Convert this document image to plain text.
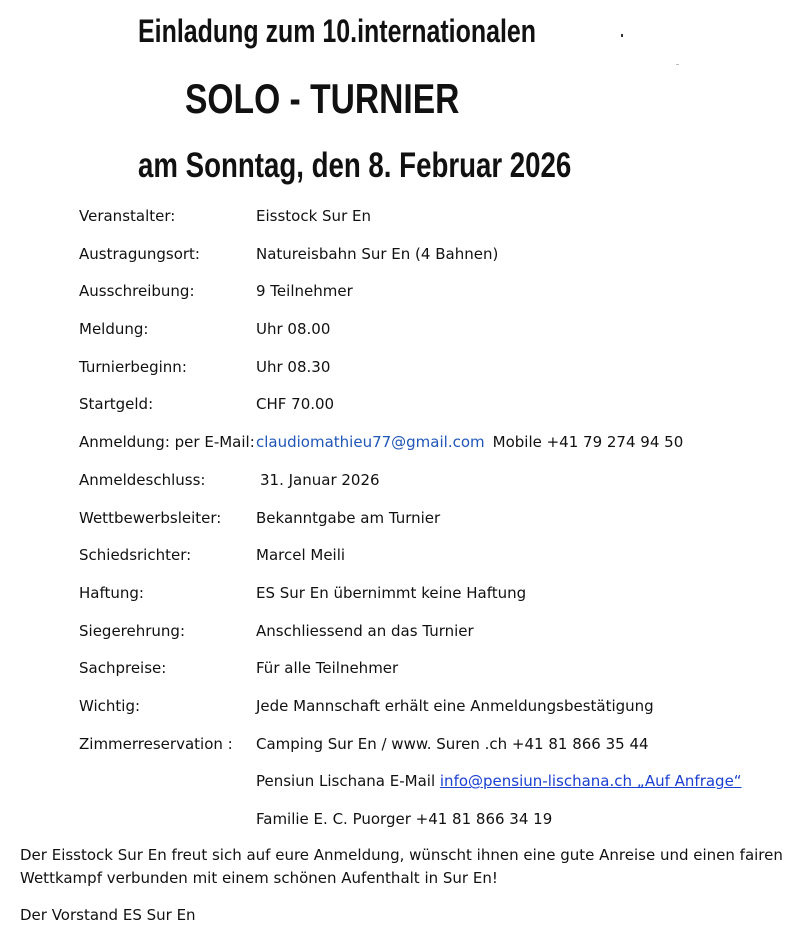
Einladung zum 10.internationalen
SOLO - TURNIER
am Sonntag, den 8. Februar 2026
Veranstalter:	Eisstock Sur En
Austragungsort:	Natureisbahn Sur En (4 Bahnen)
Ausschreibung:	9 Teilnehmer
Meldung:	Uhr 08.00
Turnierbeginn:	Uhr 08.30
Startgeld:	CHF 70.00
Anmeldung: per E-Mail: claudiomathieu77@gmail.com Mobile +41 79 274 94 50
Anmeldeschluss:	31. Januar 2026
Wettbewerbsleiter: Bekanntgabe am Turnier
Schiedsrichter:	Marcel Meili
Haftung:	ES Sur En übernimmt keine Haftung
Siegerehrung:	Anschliessend an das Turnier
Sachpreise:	Für alle Teilnehmer
Wichtig:	Jede Mannschaft erhält eine Anmeldungsbestätigung
Zimmerreservation : Camping Sur En / www. Suren .ch +41 81 866 35 44
Pensiun Lischana E-Mail info@pensiun-lischana.ch „Auf Anfrage“
Familie E. C. Puorger +41 81 866 34 19
Der Eisstock Sur En freut sich auf eure Anmeldung, wünscht ihnen eine gute Anreise und einen fairen Wettkampf verbunden mit einem schönen Aufenthalt in Sur En!
Der Vorstand ES Sur En
